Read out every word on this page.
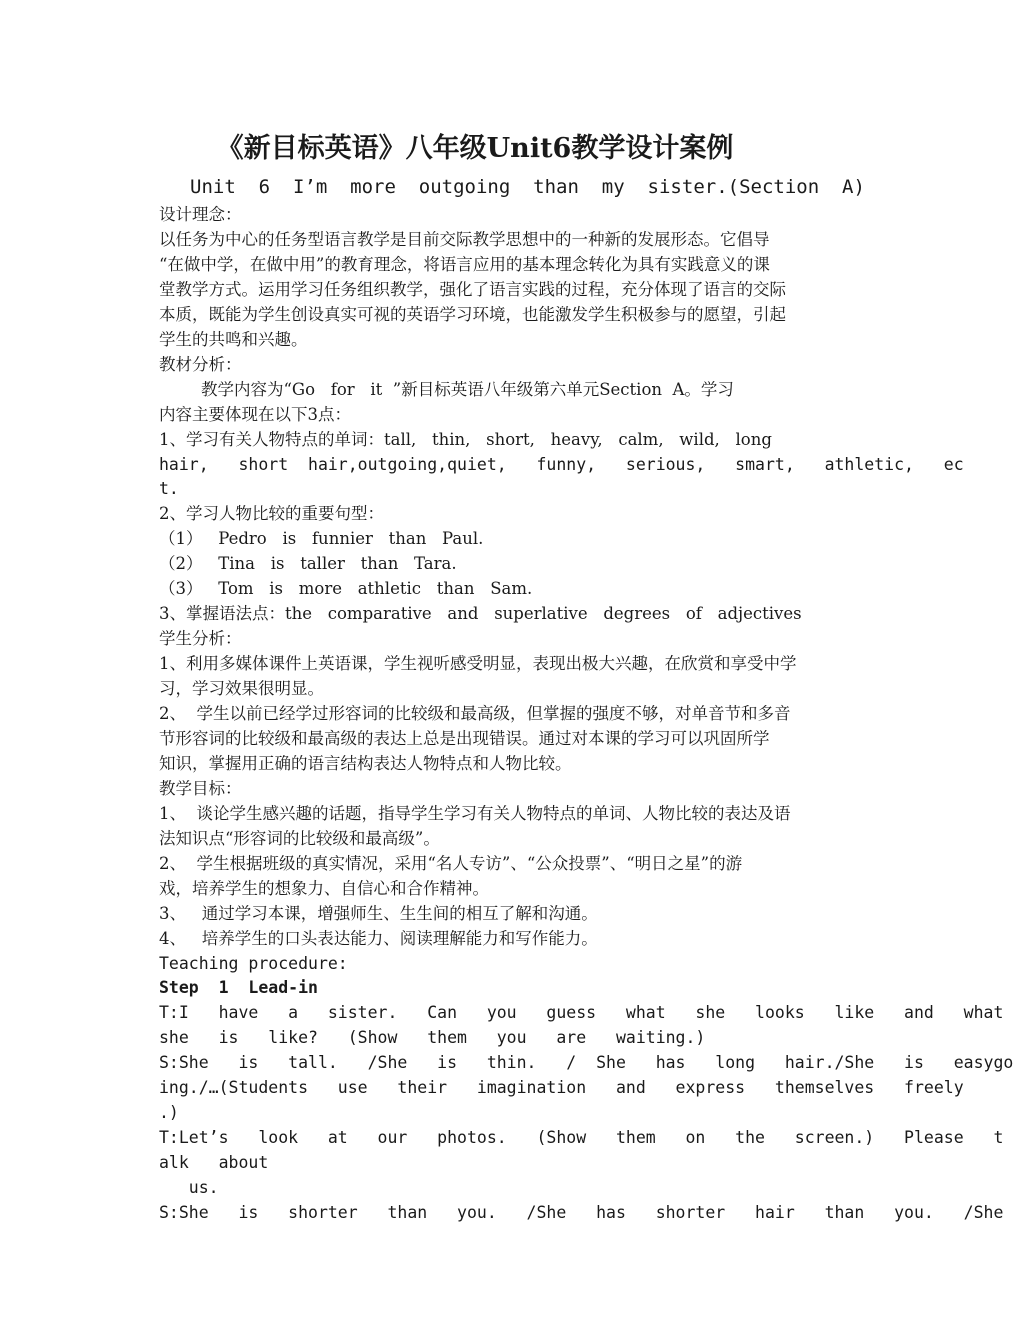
《新目标英语》八年级Unit6教学设计案例
Unit  6  I’m  more  outgoing  than  my  sister.(Section  A)
设计理念：
以任务为中心的任务型语言教学是目前交际教学思想中的一种新的发展形态。它倡导
“在做中学，在做中用”的教育理念，将语言应用的基本理念转化为具有实践意义的课
堂教学方式。运用学习任务组织教学，强化了语言实践的过程，充分体现了语言的交际
本质，既能为学生创设真实可视的英语学习环境，也能激发学生积极参与的愿望，引起
学生的共鸣和兴趣。
教材分析：
教学内容为“Go   for   it  ”新目标英语八年级第六单元Section  A。学习
内容主要体现在以下3点：
1、学习有关人物特点的单词：tall,   thin,   short,   heavy,   calm,   wild,   long
hair,   short  hair,outgoing,quiet,   funny,   serious,   smart,   athletic,   ec
t.
2、学习人物比较的重要句型：
（1）   Pedro   is   funnier   than   Paul.
（2）   Tina   is   taller   than   Tara.
（3）   Tom   is   more   athletic   than   Sam.
3、掌握语法点：the   comparative   and   superlative   degrees   of   adjectives
学生分析：
1、利用多媒体课件上英语课，学生视听感受明显，表现出极大兴趣，在欣赏和享受中学
习，学习效果很明显。
2、  学生以前已经学过形容词的比较级和最高级，但掌握的强度不够，对单音节和多音
节形容词的比较级和最高级的表达上总是出现错误。通过对本课的学习可以巩固所学
知识，掌握用正确的语言结构表达人物特点和人物比较。
教学目标：
1、  谈论学生感兴趣的话题，指导学生学习有关人物特点的单词、人物比较的表达及语
法知识点“形容词的比较级和最高级”。
2、  学生根据班级的真实情况，采用“名人专访”、“公众投票”、“明日之星”的游
戏，培养学生的想象力、自信心和合作精神。
3、   通过学习本课，增强师生、生生间的相互了解和沟通。
4、   培养学生的口头表达能力、阅读理解能力和写作能力。
Teaching procedure:
Step  1  Lead-in
T:I   have   a   sister.   Can   you   guess   what   she   looks   like   and   what
she   is   like?   (Show   them   you   are   waiting.)
S:She   is   tall.   /She   is   thin.   /  She   has   long   hair./She   is   easygo
ing./…(Students   use   their   imagination   and   express   themselves   freely
.)
T:Let’s   look   at   our   photos.   (Show   them   on   the   screen.)   Please   t
alk   about
us.
S:She   is   shorter   than   you.   /She   has   shorter   hair   than   you.   /She
